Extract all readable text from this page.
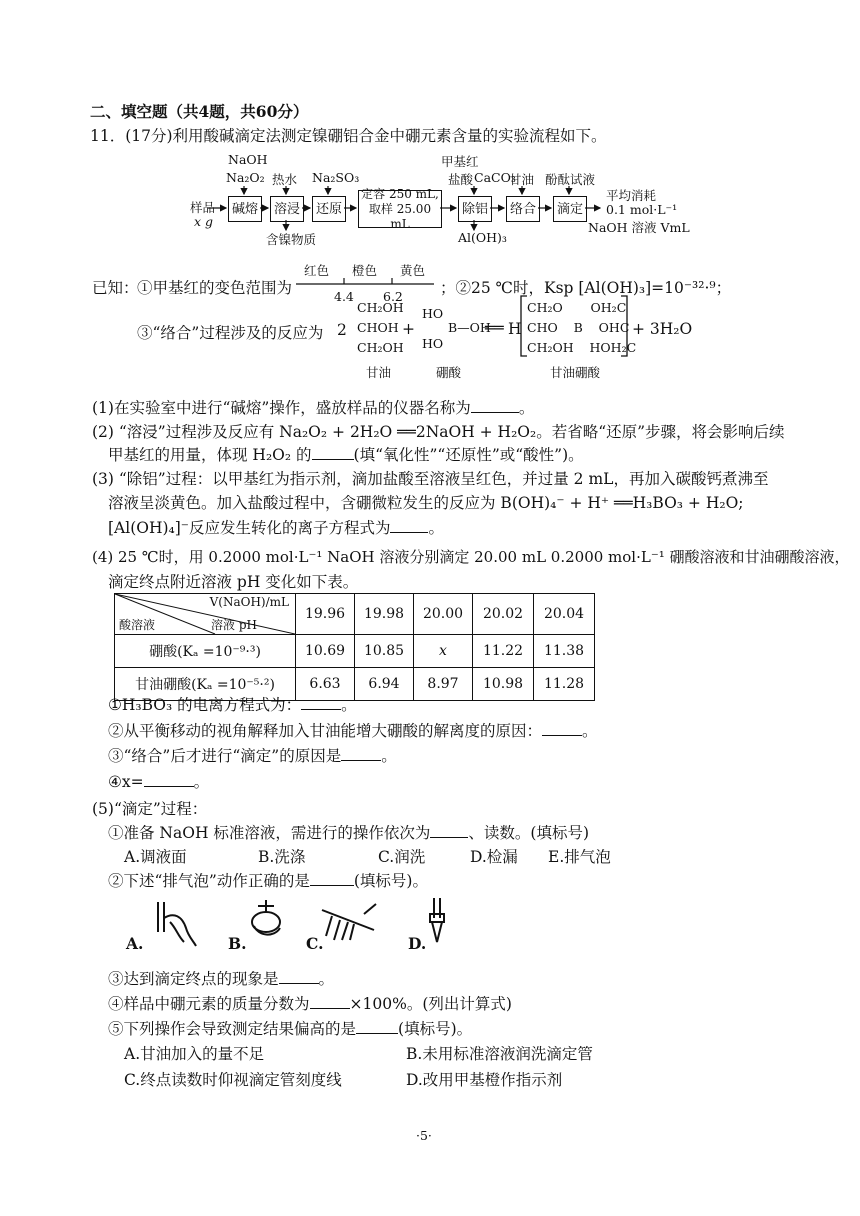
二、填空题（共4题，共60分）
11．(17分)利用酸碱滴定法测定镍硼铝合金中硼元素含量的实验流程如下。
NaOH
Na₂O₂ 热水 Na₂SO₃
甲基红
盐酸 CaCO₃
甘油 酚酞试液
样品
x g
碱熔	溶浸	还原
定容 250 mL,
取样 25.00 mL
除铝	络合	滴定
含镍物质	Al(OH)₃
平均消耗
0.1 mol·L⁻¹
NaOH 溶液 VmL
已知：
①甲基红的变色范围为
红色 橙色 黄色
4.4 6.2 ；②25 ℃时，Ksp [Al(OH)₃]=10⁻³²·⁹；
③“络合”过程涉及的反应为 2
CH₂OH
CHOH
CH₂OH
+
HO
B—OH
HO
══ H
CH₂O       OH₂C
CHO    B    OHC
CH₂OH    HOH₂C
+ 3H₂O
甘油	硼酸	甘油硼酸
(1)在实验室中进行“碱熔”操作，盛放样品的仪器名称为	。
(2) “溶浸”过程涉及反应有 Na₂O₂ + 2H₂O ══2NaOH + H₂O₂。若省略“还原”步骤，将会影响后续
甲基红的用量，体现 H₂O₂ 的	(填“氧化性”“还原性”或“酸性”)。
(3) “除铝”过程：以甲基红为指示剂，滴加盐酸至溶液呈红色，并过量 2 mL，再加入碳酸钙煮沸至
溶液呈淡黄色。加入盐酸过程中，含硼微粒发生的反应为 B(OH)₄⁻ + H⁺ ══H₃BO₃ + H₂O;
[Al(OH)₄]⁻反应发生转化的离子方程式为 。
(4) 25 ℃时，用 0.2000 mol·L⁻¹ NaOH 溶液分别滴定 20.00 mL 0.2000 mol·L⁻¹ 硼酸溶液和甘油硼酸溶液，
滴定终点附近溶液 pH 变化如下表。
V(NaOH)/mL
溶液 pH
酸溶液	19.96	19.98	20.00	20.02	20.04
硼酸(Kₐ =10⁻⁹·³)	10.69	10.85	x	11.22	11.38
甘油硼酸(Kₐ =10⁻⁵·²)	6.63	6.94	8.97	10.98	11.28
①H₃BO₃ 的电离方程式为：	。
②从平衡移动的视角解释加入甘油能增大硼酸的解离度的原因：	。
③“络合”后才进行“滴定”的原因是	。
④x=	。
(5)“滴定”过程：
①准备 NaOH 标准溶液，需进行的操作依次为 、读数。(填标号)
A.调液面	B.洗涤	C.润洗	D.检漏 E.排气泡
②下述“排气泡”动作正确的是	(填标号)。
A.	B.	C.	D.
③达到滴定终点的现象是	。
④样品中硼元素的质量分数为	×100%。(列出计算式)
⑤下列操作会导致测定结果偏高的是	(填标号)。
A.甘油加入的量不足	B.未用标准溶液润洗滴定管
C.终点读数时仰视滴定管刻度线	D.改用甲基橙作指示剂
·5·
